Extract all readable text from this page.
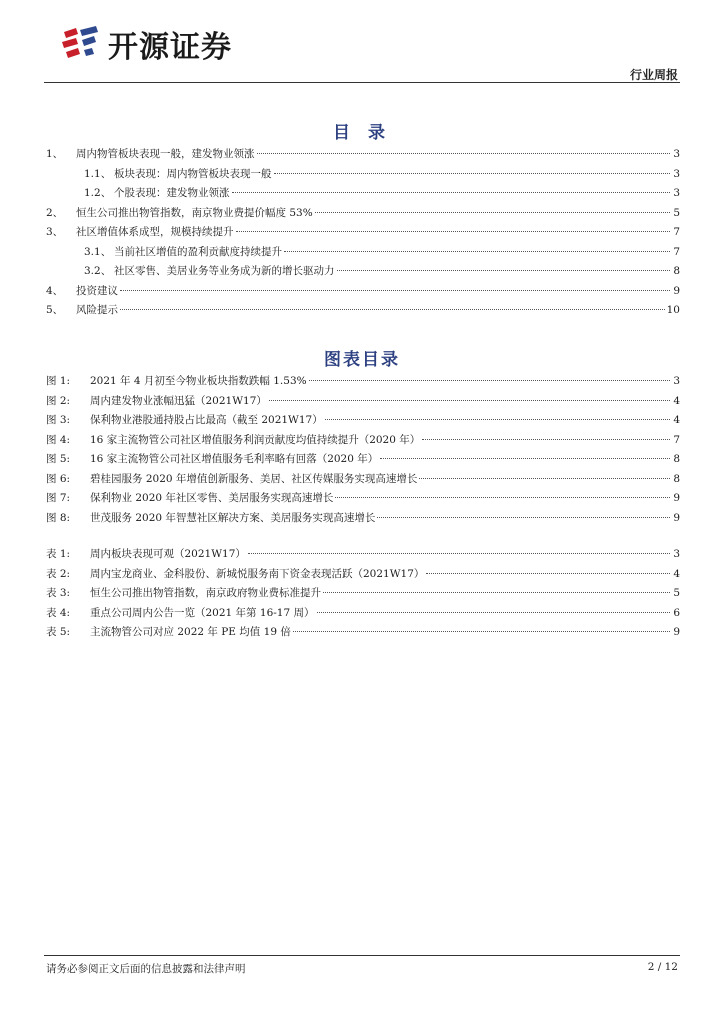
开源证券
行业周报
目 录
1、	周内物管板块表现一般，建发物业领涨	3
1.1、 板块表现：周内物管板块表现一般	3
1.2、 个股表现：建发物业领涨	3
2、	恒生公司推出物管指数，南京物业费提价幅度 53%	5
3、	社区增值体系成型，规模持续提升	7
3.1、 当前社区增值的盈利贡献度持续提升	7
3.2、 社区零售、美居业务等业务成为新的增长驱动力	8
4、	投资建议	9
5、	风险提示	10
图表目录
图 1:	2021 年 4 月初至今物业板块指数跌幅 1.53%	3
图 2:	周内建发物业涨幅迅猛（2021W17）	4
图 3:	保利物业港股通持股占比最高（截至 2021W17）	4
图 4:	16 家主流物管公司社区增值服务利润贡献度均值持续提升（2020 年）	7
图 5:	16 家主流物管公司社区增值服务毛利率略有回落（2020 年）	8
图 6:	碧桂园服务 2020 年增值创新服务、美居、社区传媒服务实现高速增长	8
图 7:	保利物业 2020 年社区零售、美居服务实现高速增长	9
图 8:	世茂服务 2020 年智慧社区解决方案、美居服务实现高速增长	9
表 1:	周内板块表现可观（2021W17）	3
表 2:	周内宝龙商业、金科股份、新城悦服务南下资金表现活跃（2021W17）	4
表 3:	恒生公司推出物管指数，南京政府物业费标准提升	5
表 4:	重点公司周内公告一览（2021 年第 16-17 周）	6
表 5:	主流物管公司对应 2022 年 PE 均值 19 倍	9
请务必参阅正文后面的信息披露和法律声明	2 / 12
